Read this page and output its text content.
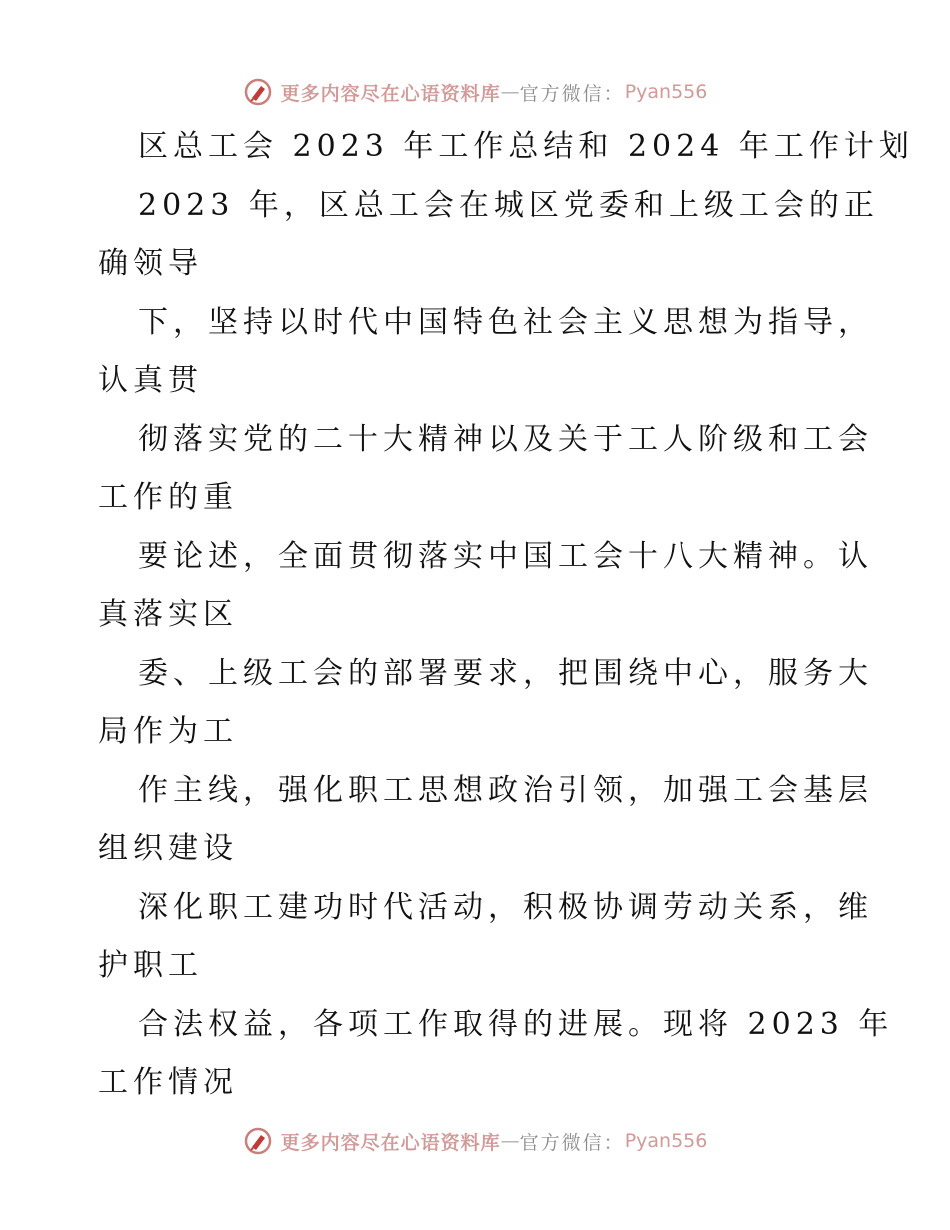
更多内容尽在心语资料库 — 官方微信： Pyan556

区总工会 2023 年工作总结和 2024 年工作计划

2023 年，区总工会在城区党委和上级工会的正

确领导

下，坚持以时代中国特色社会主义思想为指导，

认真贯

彻落实党的二十大精神以及关于工人阶级和工会

工作的重

要论述，全面贯彻落实中国工会十八大精神。认

真落实区

委、上级工会的部署要求，把围绕中心，服务大

局作为工

作主线，强化职工思想政治引领，加强工会基层

组织建设

深化职工建功时代活动，积极协调劳动关系，维

护职工

合法权益，各项工作取得的进展。现将 2023 年

工作情况

更多内容尽在心语资料库 — 官方微信： Pyan556
